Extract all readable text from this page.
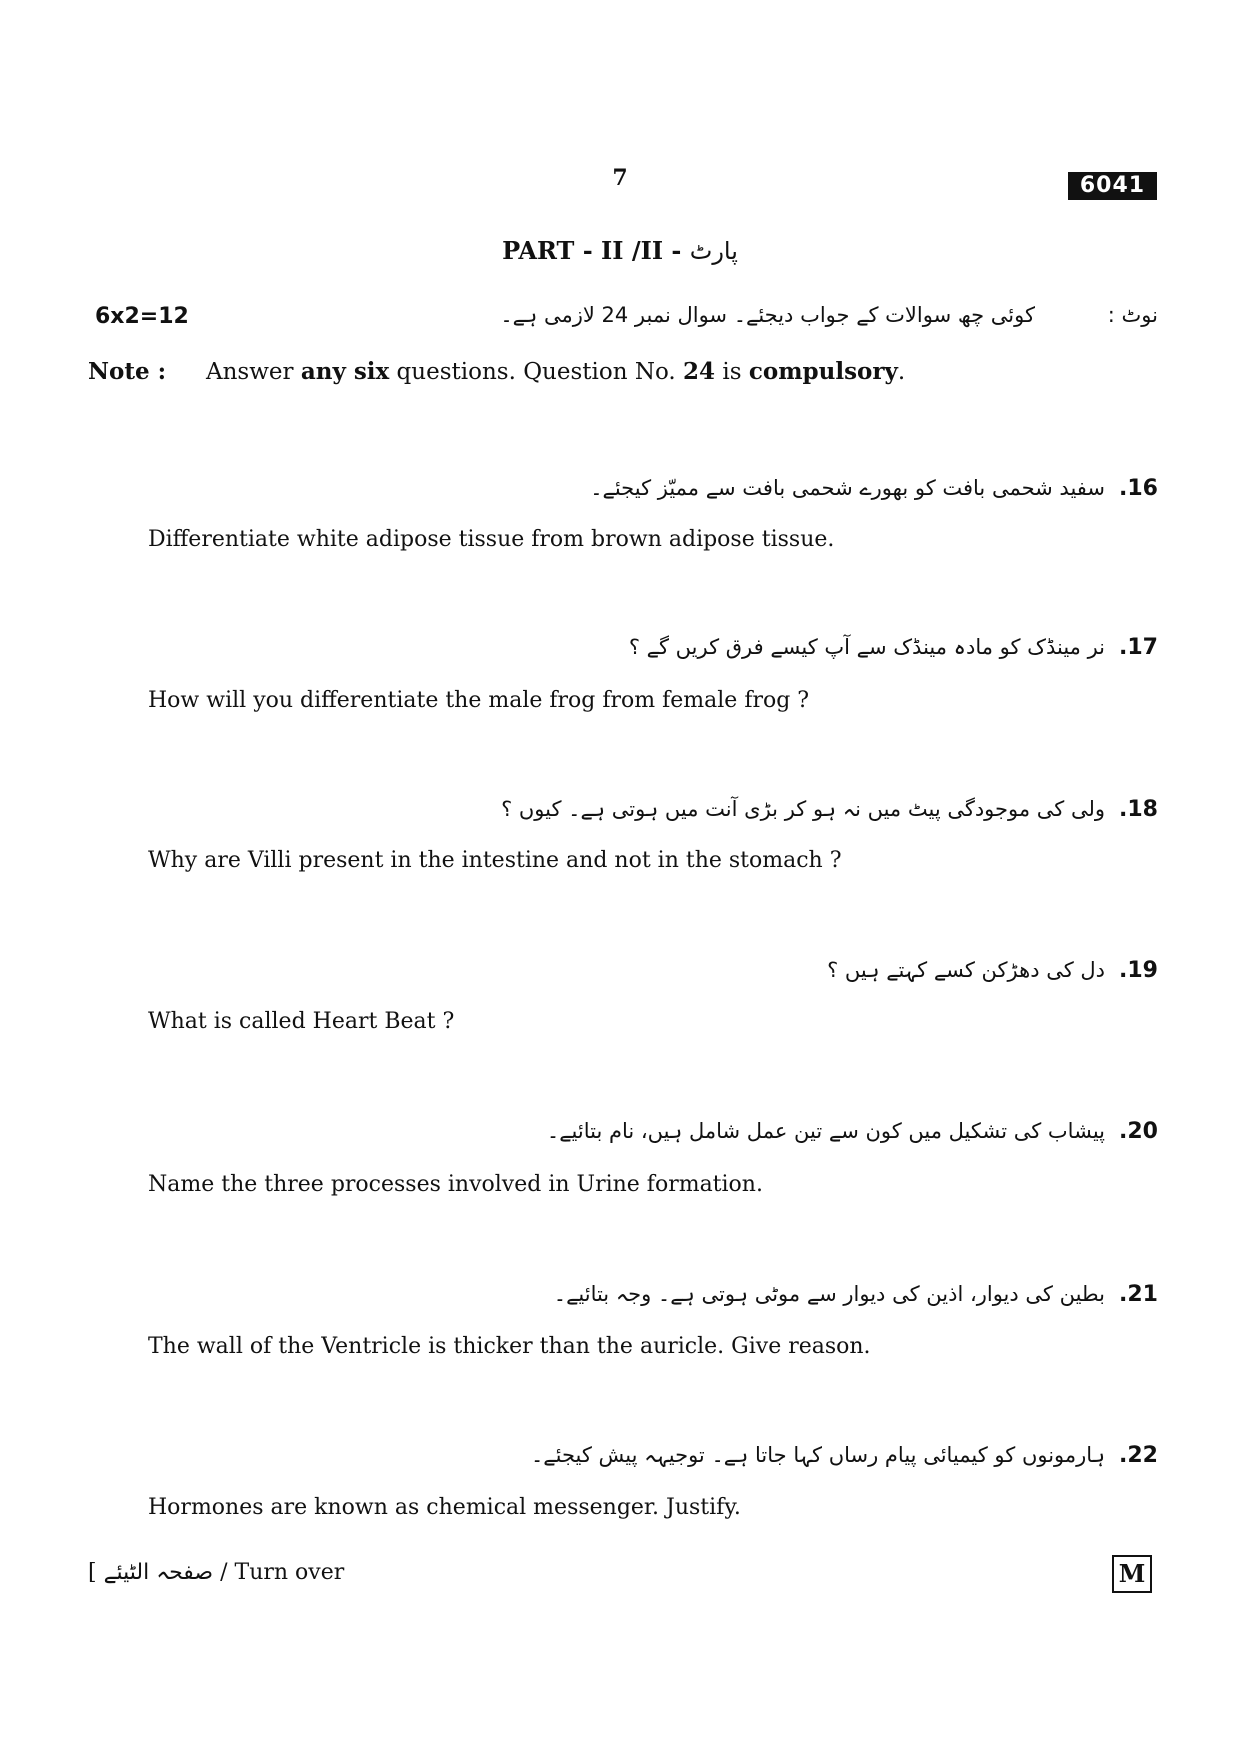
7	6041
PART - II /II - پارٹ
6x2=12	نوٹ :
کوئی چھ سوالات کے جواب دیجئے۔ سوال نمبر 24 لازمی ہے۔
Note : Answer any six questions. Question No. 24 is compulsory.
.16سفید شحمی بافت کو بھورے شحمی بافت سے ممیّز کیجئے۔
Differentiate white adipose tissue from brown adipose tissue.
.17نر مینڈک کو مادہ مینڈک سے آپ کیسے فرق کریں گے ؟
How will you differentiate the male frog from female frog ?
.18ولی کی موجودگی پیٹ میں نہ ہو کر بڑی آنت میں ہوتی ہے۔ کیوں ؟
Why are Villi present in the intestine and not in the stomach ?
.19دل کی دھڑکن کسے کہتے ہیں ؟
What is called Heart Beat ?
.20پیشاب کی تشکیل میں کون سے تین عمل شامل ہیں، نام بتائیے۔
Name the three processes involved in Urine formation.
.21بطین کی دیوار، اذین کی دیوار سے موٹی ہوتی ہے۔ وجہ بتائیے۔
The wall of the Ventricle is thicker than the auricle. Give reason.
.22ہارمونوں کو کیمیائی پیام رساں کہا جاتا ہے۔ توجیہہ پیش کیجئے۔
Hormones are known as chemical messenger. Justify.
[ صفحہ الٹیئے / Turn over	M
